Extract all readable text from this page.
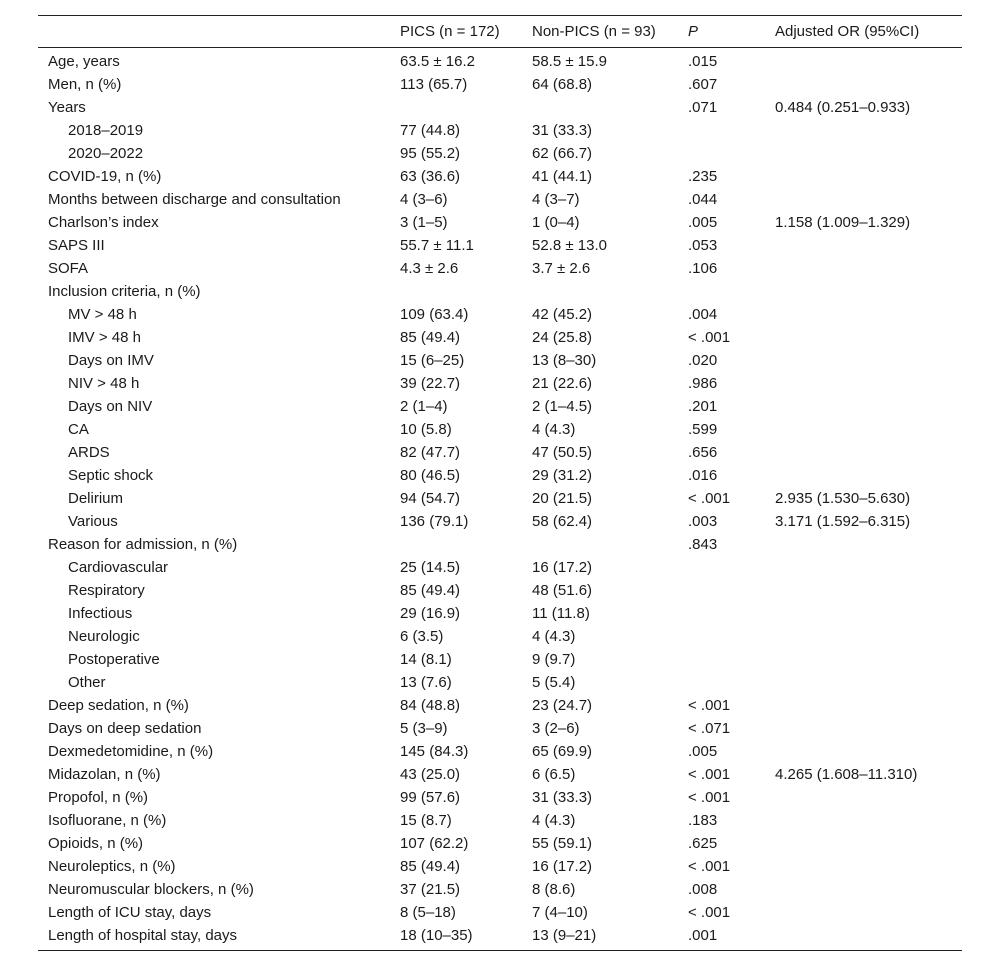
	PICS (n = 172)	Non-PICS (n = 93)	P	Adjusted OR (95%CI)
Age, years	63.5 ± 16.2	58.5 ± 15.9	.015	
Men, n (%)	113 (65.7)	64 (68.8)	.607	
Years			.071	0.484 (0.251–0.933)
2018–2019	77 (44.8)	31 (33.3)		
2020–2022	95 (55.2)	62 (66.7)		
COVID-19, n (%)	63 (36.6)	41 (44.1)	.235	
Months between discharge and consultation	4 (3–6)	4 (3–7)	.044	
Charlson’s index	3 (1–5)	1 (0–4)	.005	1.158 (1.009–1.329)
SAPS III	55.7 ± 11.1	52.8 ± 13.0	.053	
SOFA	4.3 ± 2.6	3.7 ± 2.6	.106	
Inclusion criteria, n (%)				
MV > 48 h	109 (63.4)	42 (45.2)	.004	
IMV > 48 h	85 (49.4)	24 (25.8)	< .001	
Days on IMV	15 (6–25)	13 (8–30)	.020	
NIV > 48 h	39 (22.7)	21 (22.6)	.986	
Days on NIV	2 (1–4)	2 (1–4.5)	.201	
CA	10 (5.8)	4 (4.3)	.599	
ARDS	82 (47.7)	47 (50.5)	.656	
Septic shock	80 (46.5)	29 (31.2)	.016	
Delirium	94 (54.7)	20 (21.5)	< .001	2.935 (1.530–5.630)
Various	136 (79.1)	58 (62.4)	.003	3.171 (1.592–6.315)
Reason for admission, n (%)			.843	
Cardiovascular	25 (14.5)	16 (17.2)		
Respiratory	85 (49.4)	48 (51.6)		
Infectious	29 (16.9)	11 (11.8)		
Neurologic	6 (3.5)	4 (4.3)		
Postoperative	14 (8.1)	9 (9.7)		
Other	13 (7.6)	5 (5.4)		
Deep sedation, n (%)	84 (48.8)	23 (24.7)	< .001	
Days on deep sedation	5 (3–9)	3 (2–6)	< .071	
Dexmedetomidine, n (%)	145 (84.3)	65 (69.9)	.005	
Midazolan, n (%)	43 (25.0)	6 (6.5)	< .001	4.265 (1.608–11.310)
Propofol, n (%)	99 (57.6)	31 (33.3)	< .001	
Isofluorane, n (%)	15 (8.7)	4 (4.3)	.183	
Opioids, n (%)	107 (62.2)	55 (59.1)	.625	
Neuroleptics, n (%)	85 (49.4)	16 (17.2)	< .001	
Neuromuscular blockers, n (%)	37 (21.5)	8 (8.6)	.008	
Length of ICU stay, days	8 (5–18)	7 (4–10)	< .001	
Length of hospital stay, days	18 (10–35)	13 (9–21)	.001	
